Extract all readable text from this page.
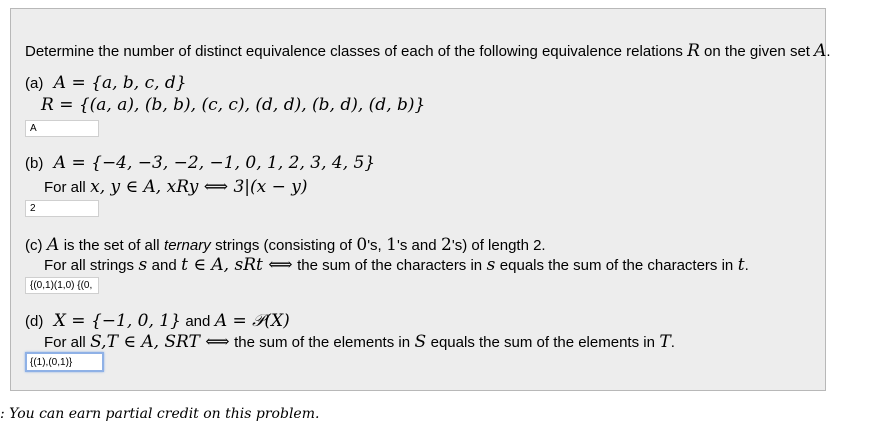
Determine the number of distinct equivalence classes of each of the following equivalence relations R on the given set A.
(a) A = {a, b, c, d}
R = {(a, a), (b, b), (c, c), (d, d), (b, d), (d, b)}
A
(b) A = {−4, −3, −2, −1, 0, 1, 2, 3, 4, 5}
For all x, y ∈ A, xRy ⟺ 3|(x − y)
2
(c) A is the set of all ternary strings (consisting of 0's, 1's and 2's) of length 2.
For all strings s and t ∈ A, sRt ⟺ the sum of the characters in s equals the sum of the characters in t.
{(0,1)(1,0) {(0,
(d) X = {−1, 0, 1} and A = 𝒫(X)
For all S,T ∈ A, SRT ⟺ the sum of the elements in S equals the sum of the elements in T.
{(1),(0,1)}
: You can earn partial credit on this problem.
